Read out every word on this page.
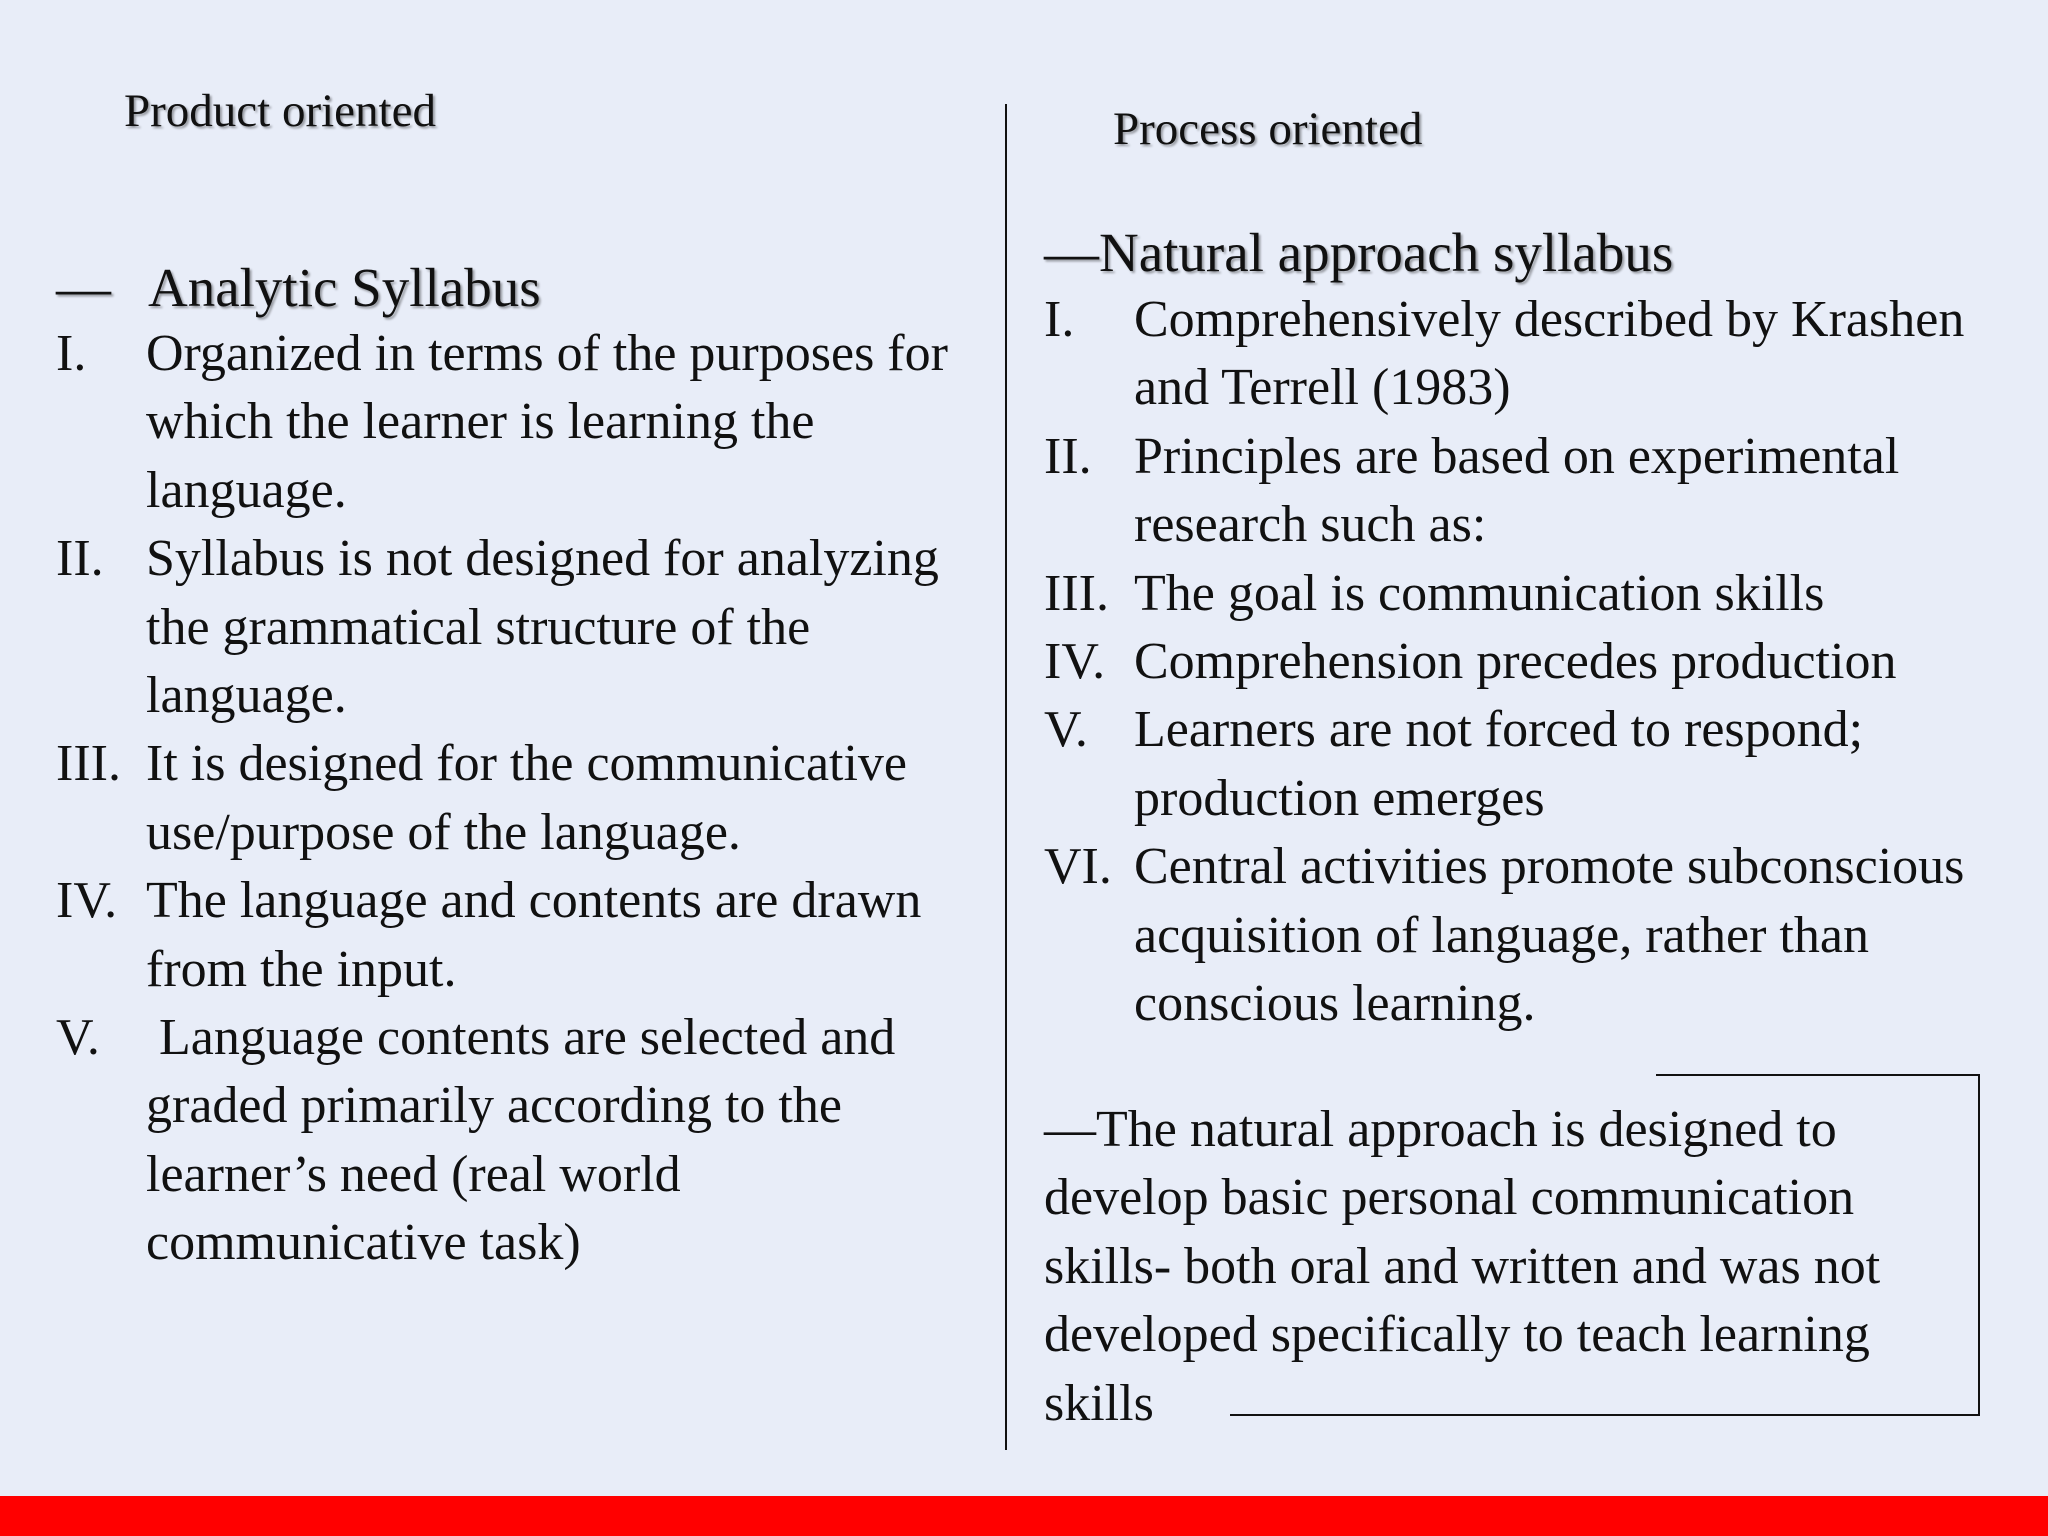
Product oriented	Process oriented
— Analytic Syllabus
—Natural approach syllabus
I. Organized in terms of the purposes for which the learner is learning the language.
II. Syllabus is not designed for analyzing the grammatical structure of the language.
III. It is designed for the communicative use/purpose of the language.
IV. The language and contents are drawn from the input.
V. Language contents are selected and graded primarily according to the learner’s need (real world communicative task)
I. Comprehensively described by Krashen and Terrell (1983)
II. Principles are based on experimental research such as:
III. The goal is communication skills
IV. Comprehension precedes production
V. Learners are not forced to respond; production emerges
VI. Central activities promote subconscious acquisition of language, rather than conscious learning.
—The natural approach is designed to develop basic personal communication skills- both oral and written and was not developed specifically to teach learning skills
